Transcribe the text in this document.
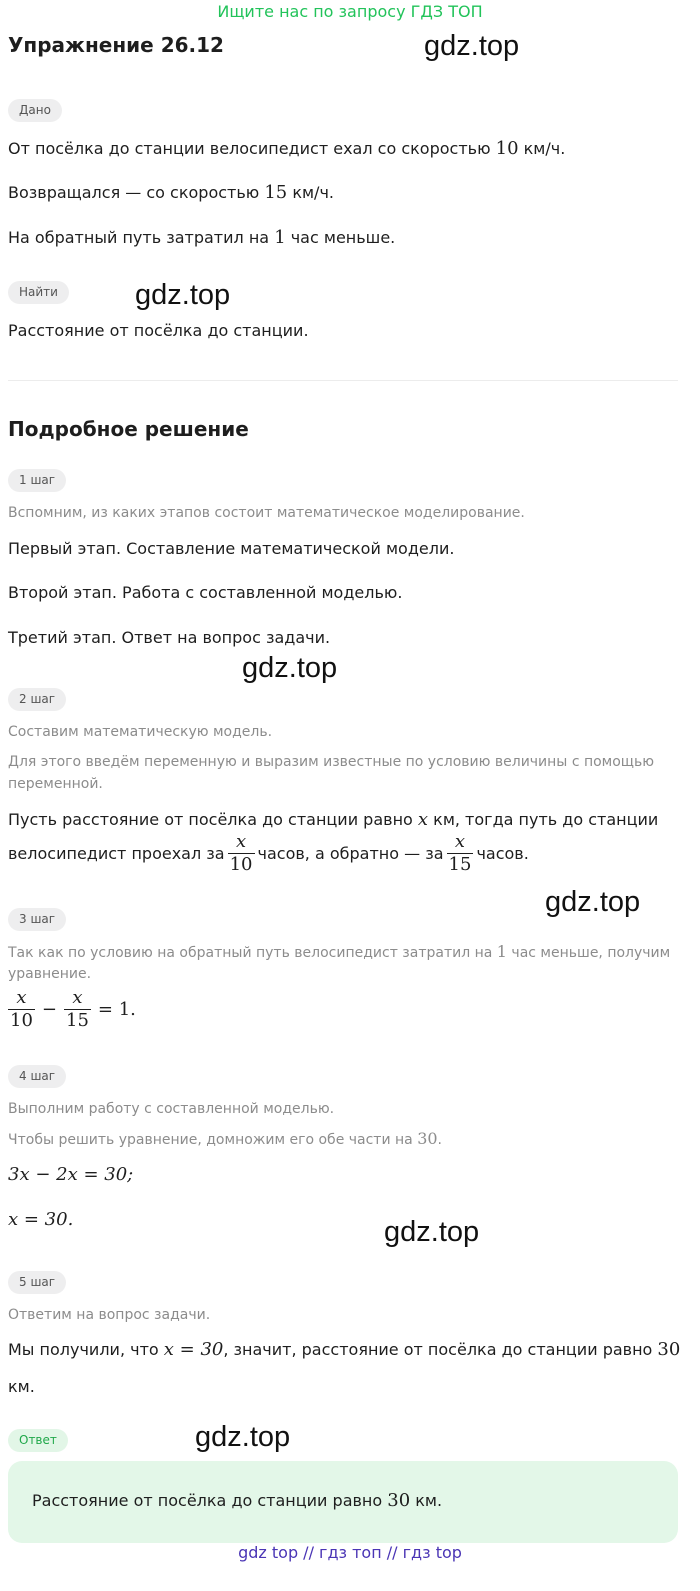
Ищите нас по запросу ГДЗ ТОП
Упражнение 26.12	gdz.top
gdz.top
gdz.top
gdz.top
gdz.top
gdz.top
Дано
От посёлка до станции велосипедист ехал со скоростью 10 км/ч.
Возвращался — со скоростью 15 км/ч.
На обратный путь затратил на 1 час меньше.
Найти
Расстояние от посёлка до станции.
Подробное решение
1 шаг
Вспомним, из каких этапов состоит математическое моделирование.
Первый этап. Составление математической модели.
Второй этап. Работа с составленной моделью.
Третий этап. Ответ на вопрос задачи.
2 шаг
Составим математическую модель.
Для этого введём переменную и выразим известные по условию величины с помощью
переменной.
Пусть расстояние от посёлка до станции равно x км, тогда путь до станции
велосипедист проехал за $\frac{x}{10}$ часов, а обратно — за $\frac{x}{15}$ часов.
3 шаг
Так как по условию на обратный путь велосипедист затратил на 1 час меньше, получим
уравнение.
$\frac{x}{10} - \frac{x}{15} = 1$.
4 шаг
Выполним работу с составленной моделью.
Чтобы решить уравнение, домножим его обе части на 30.
3x − 2x = 30;
x = 30.
5 шаг
Ответим на вопрос задачи.
Мы получили, что x = 30, значит, расстояние от посёлка до станции равно 30
км.
Ответ
Расстояние от посёлка до станции равно 30 км.
gdz top // гдз топ // гдз top
